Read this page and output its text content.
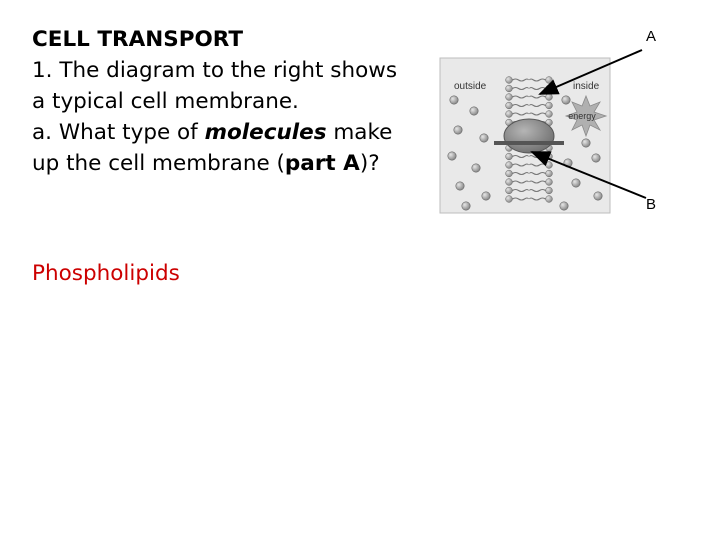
CELL TRANSPORT
1. The diagram to the right shows
a typical cell membrane.
a. What type of molecules make
up the cell membrane (part A)?
Phospholipids
energy
outside	inside
A
B
